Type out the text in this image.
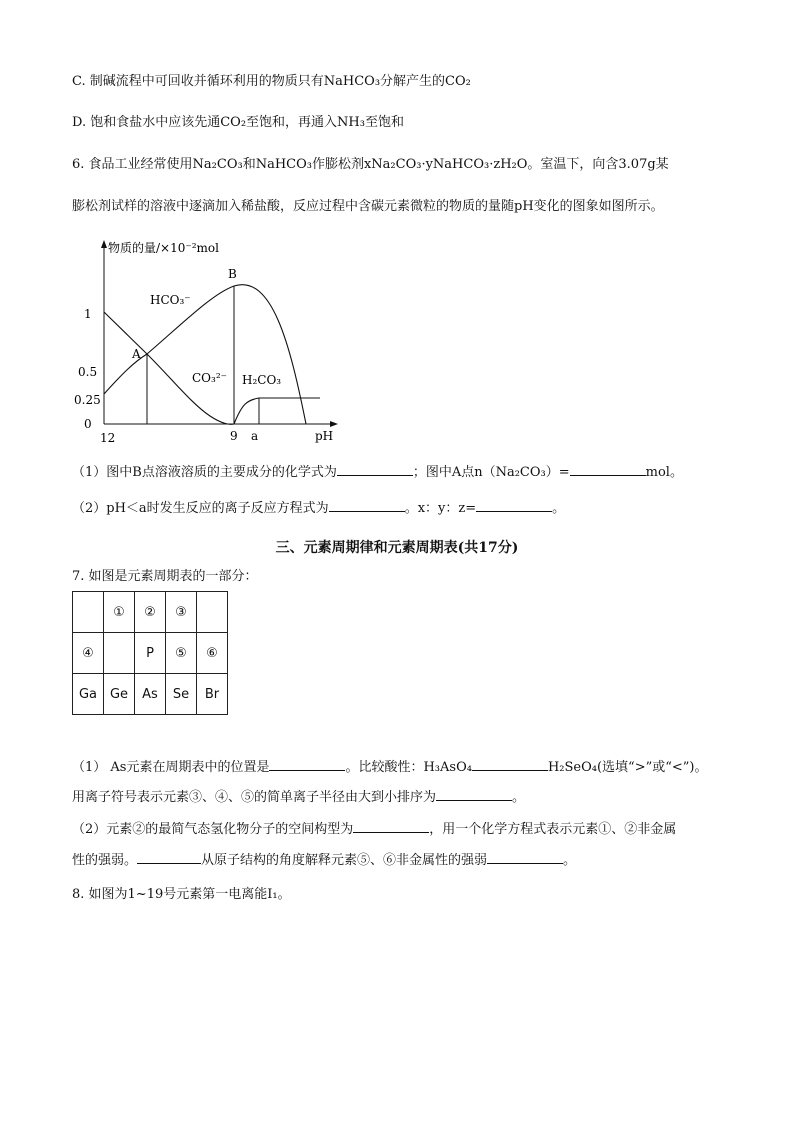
C. 制碱流程中可回收并循环利用的物质只有NaHCO₃分解产生的CO₂
D. 饱和食盐水中应该先通CO₂至饱和，再通入NH₃至饱和
6. 食品工业经常使用Na₂CO₃和NaHCO₃作膨松剂xNa₂CO₃·yNaHCO₃·zH₂O。室温下，向含3.07g某
膨松剂试样的溶液中逐滴加入稀盐酸，反应过程中含碳元素微粒的物质的量随pH变化的图象如图所示。
物质的量/×10⁻²mol
pH
1
0.5
0.25
0
12	9 a
A
B
HCO₃⁻
CO₃²⁻ H₂CO₃
（1）图中B点溶液溶质的主要成分的化学式为	；图中A点n（Na₂CO₃）=	mol。
（2）pH＜a时发生反应的离子反应方程式为	。x：y：z=	。
三、元素周期律和元素周期表(共17分)
7. 如图是元素周期表的一部分：
	①	②	③	
④		P	⑤	⑥
Ga	Ge	As	Se	Br
（1） As元素在周期表中的位置是	。比较酸性：H₃AsO₄	H₂SeO₄(选填“>”或“<”)。
用离子符号表示元素③、④、⑤的简单离子半径由大到小排序为	。
（2）元素②的最简气态氢化物分子的空间构型为	，用一个化学方程式表示元素①、②非金属
性的强弱。	从原子结构的角度解释元素⑤、⑥非金属性的强弱	。
8. 如图为1~19号元素第一电离能I₁。
